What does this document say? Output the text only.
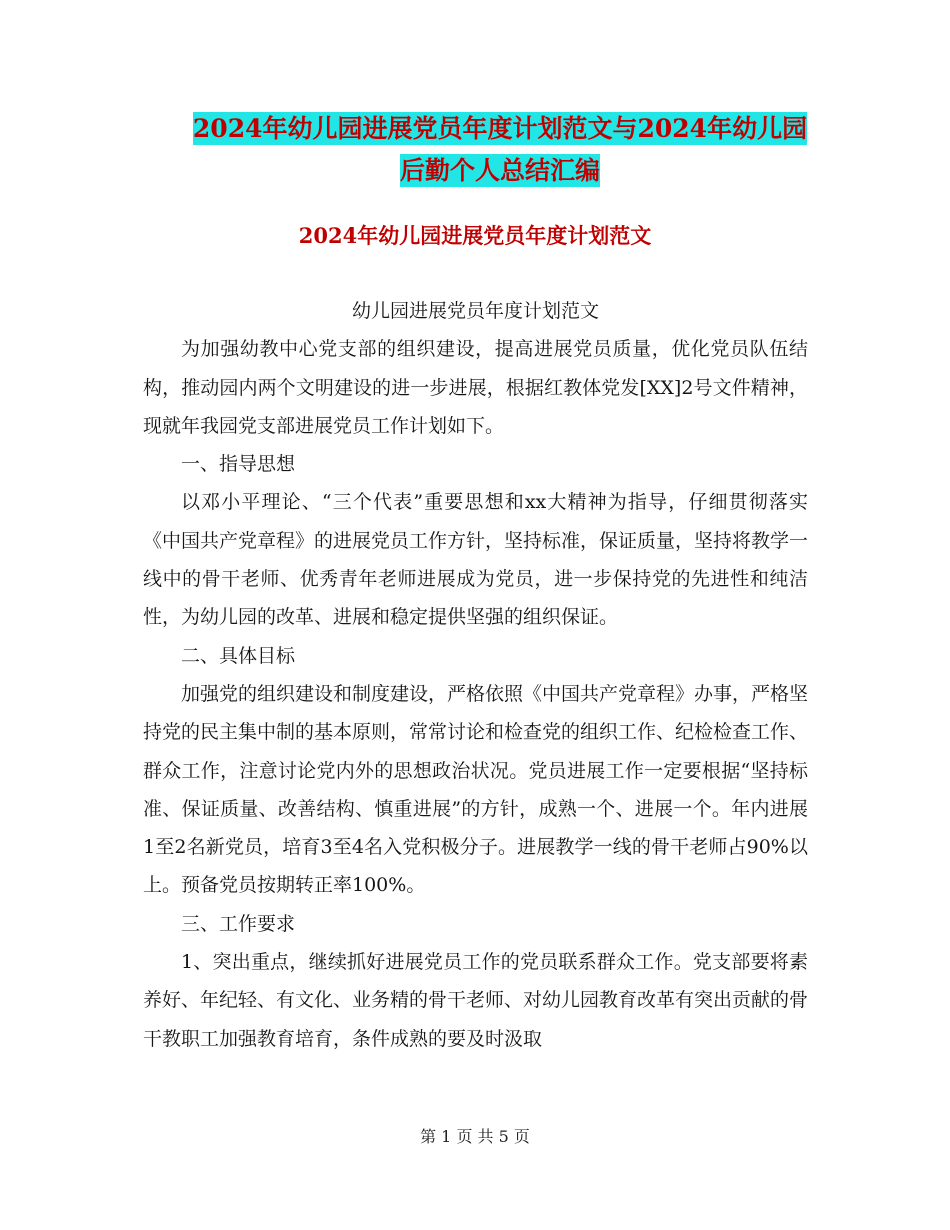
2024年幼儿园进展党员年度计划范文与2024年幼儿园
后勤个人总结汇编
2024年幼儿园进展党员年度计划范文

幼儿园进展党员年度计划范文

为加强幼教中心党支部的组织建设，提高进展党员质量，优化党员队伍结构，推动园内两个文明建设的进一步进展，根据红教体党发[XX]2号文件精神，现就年我园党支部进展党员工作计划如下。

一、指导思想

以邓小平理论、“三个代表”重要思想和xx大精神为指导，仔细贯彻落实《中国共产党章程》的进展党员工作方针，坚持标准，保证质量，坚持将教学一线中的骨干老师、优秀青年老师进展成为党员，进一步保持党的先进性和纯洁性，为幼儿园的改革、进展和稳定提供坚强的组织保证。

二、具体目标

加强党的组织建设和制度建设，严格依照《中国共产党章程》办事，严格坚持党的民主集中制的基本原则，常常讨论和检查党的组织工作、纪检检查工作、群众工作，注意讨论党内外的思想政治状况。党员进展工作一定要根据“坚持标准、保证质量、改善结构、慎重进展”的方针，成熟一个、进展一个。年内进展1至2名新党员，培育3至4名入党积极分子。进展教学一线的骨干老师占90%以上。预备党员按期转正率100%。

三、工作要求

1、突出重点，继续抓好进展党员工作的党员联系群众工作。党支部要将素养好、年纪轻、有文化、业务精的骨干老师、对幼儿园教育改革有突出贡献的骨干教职工加强教育培育，条件成熟的要及时汲取

第 1 页 共 5 页
